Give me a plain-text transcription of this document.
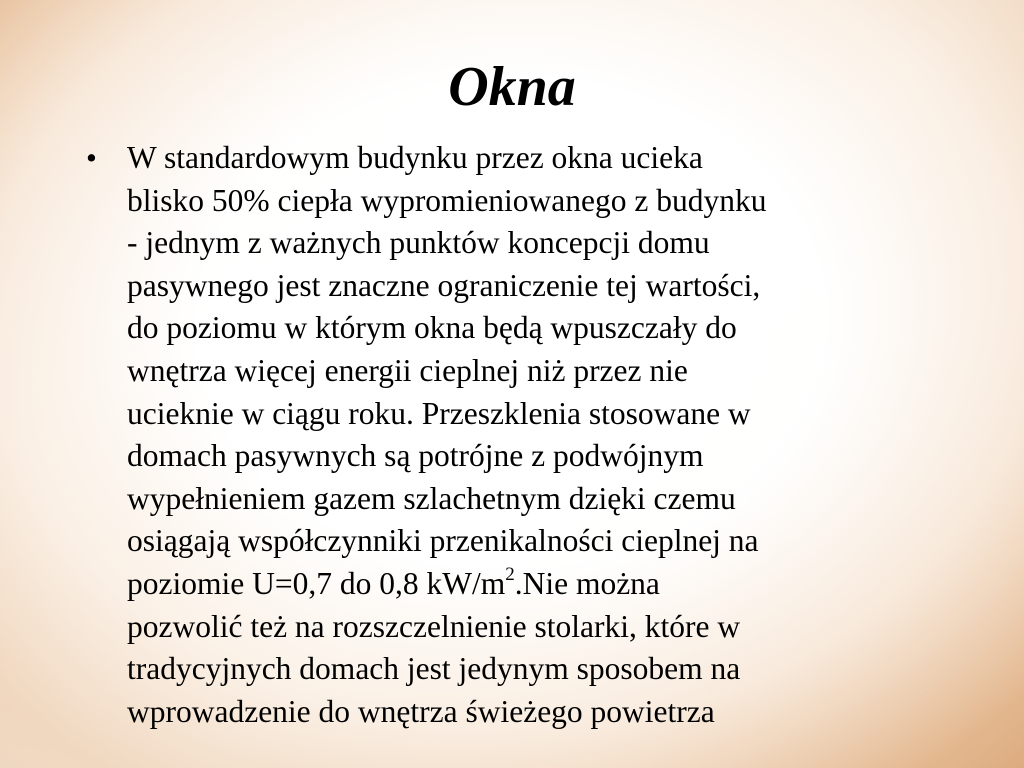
Okna
• W standardowym budynku przez okna ucieka
blisko 50% ciepła wypromieniowanego z budynku
- jednym z ważnych punktów koncepcji domu
pasywnego jest znaczne ograniczenie tej wartości,
do poziomu w którym okna będą wpuszczały do
wnętrza więcej energii cieplnej niż przez nie
ucieknie w ciągu roku. Przeszklenia stosowane w
domach pasywnych są potrójne z podwójnym
wypełnieniem gazem szlachetnym dzięki czemu
osiągają współczynniki przenikalności cieplnej na
poziomie U=0,7 do 0,8 $kW/m^2.Nie$ można
pozwolić też na rozszczelnienie stolarki, które w
tradycyjnych domach jest jedynym sposobem na
wprowadzenie do wnętrza świeżego powietrza
